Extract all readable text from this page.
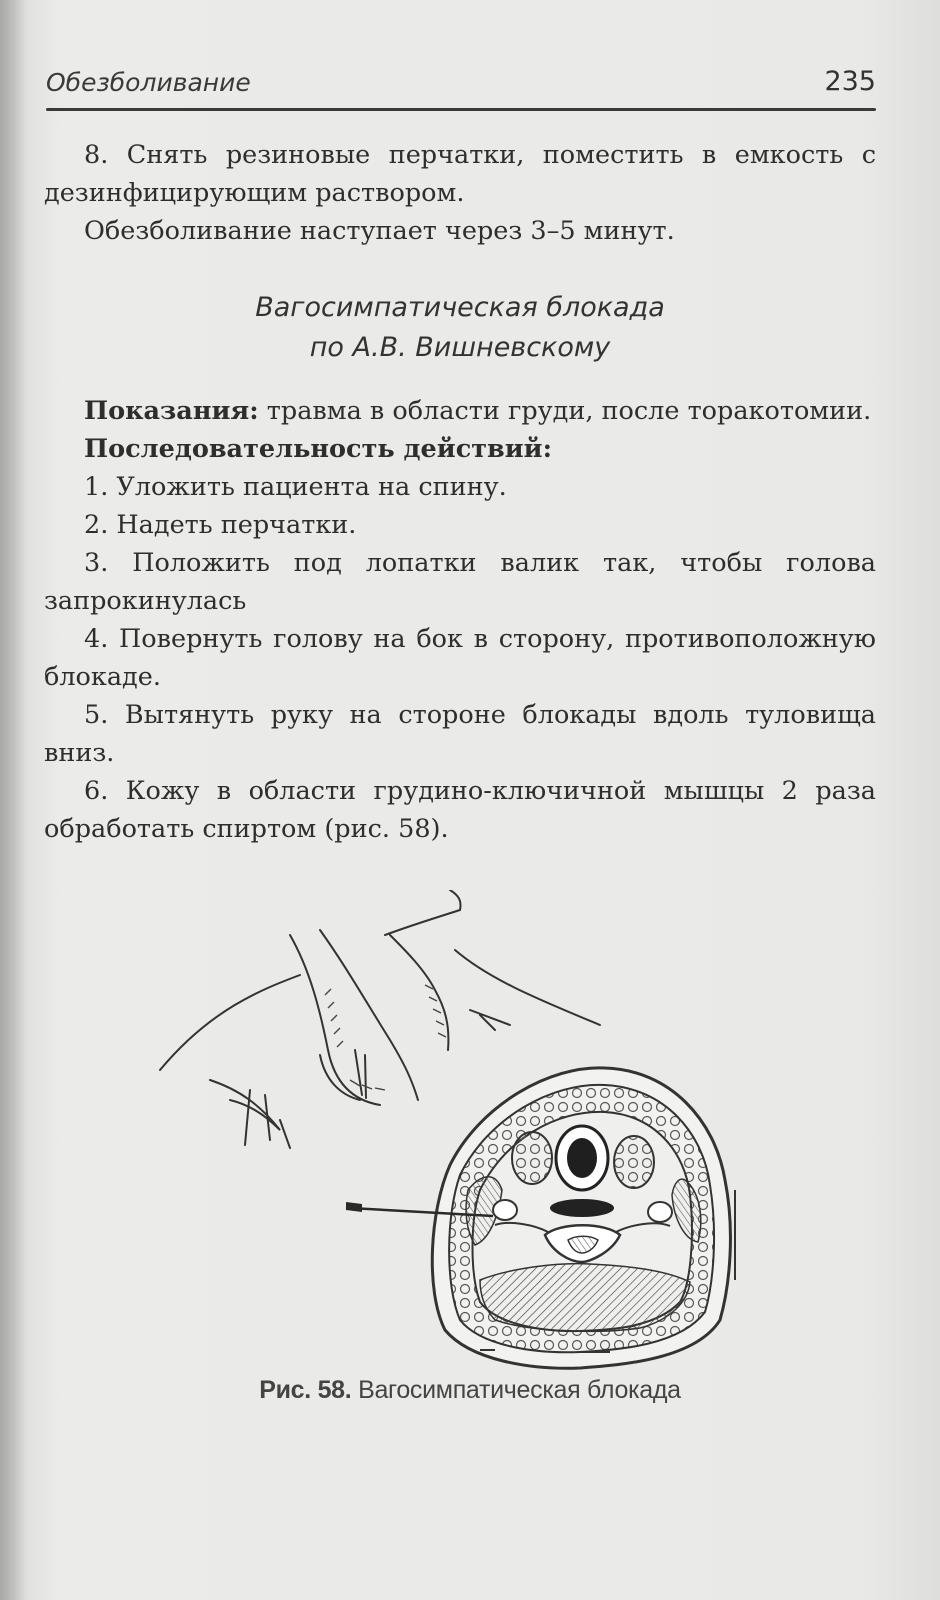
Обезболивание	235

8. Снять резиновые перчатки, поместить в емкость с дезинфицирующим раствором.

Обезболивание наступает через 3–5 минут.

Вагосимпатическая блокада
по А.В. Вишневскому

Показания: травма в области груди, после торакотомии.

Последовательность действий:

1. Уложить пациента на спину.

2. Надеть перчатки.

3. Положить под лопатки валик так, чтобы голова запрокинулась

4. Повернуть голову на бок в сторону, противоположную блокаде.

5. Вытянуть руку на стороне блокады вдоль туловища вниз.

6. Кожу в области грудино-ключичной мышцы 2 раза обработать спиртом (рис. 58).

Рис. 58. Вагосимпатическая блокада
